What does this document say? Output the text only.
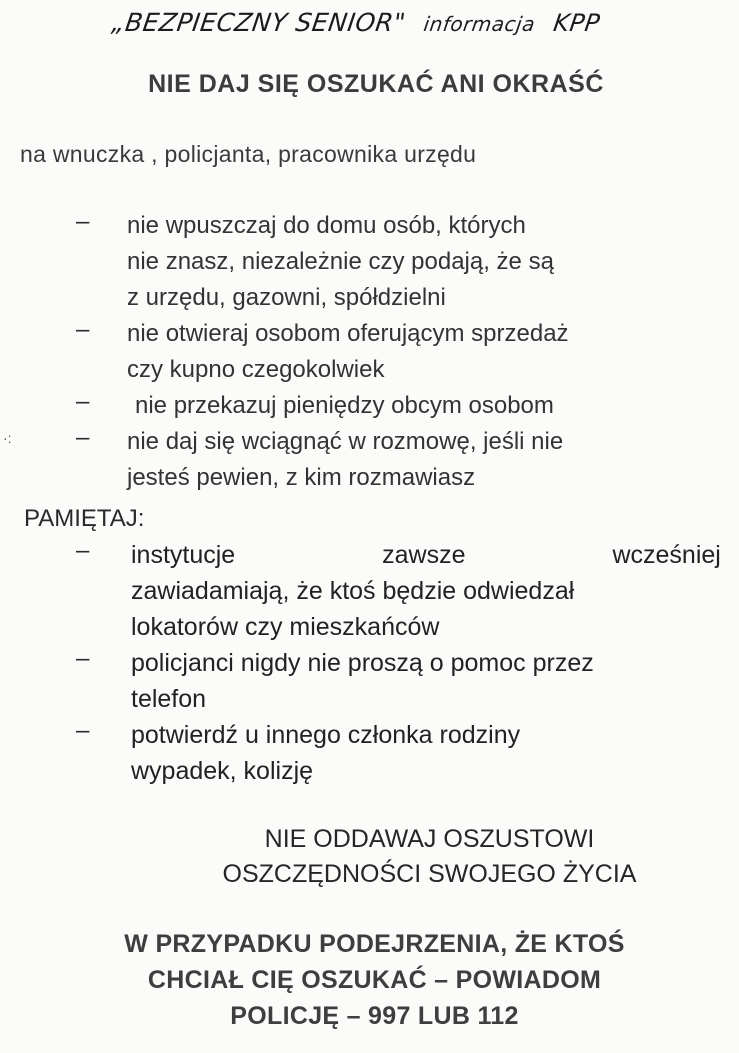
„BEZPIECZNY SENIOR" informacja KPP
NIE DAJ SIĘ OSZUKAĆ ANI OKRAŚĆ
na wnuczka , policjanta, pracownika urzędu
·:
– nie wpuszczaj do domu osób, których
nie znasz, niezależnie czy podają, że są
z urzędu, gazowni, spółdzielni
– nie otwieraj osobom oferującym sprzedaż
czy kupno czegokolwiek
– nie przekazuj pieniędzy obcym osobom
– nie daj się wciągnąć w rozmowę, jeśli nie
jesteś pewien, z kim rozmawiasz
PAMIĘTAJ:
– instytucje zawsze wcześniej
zawiadamiają, że ktoś będzie odwiedzał
lokatorów czy mieszkańców
– policjanci nigdy nie proszą o pomoc przez
telefon
– potwierdź u innego członka rodziny
wypadek, kolizję
NIE ODDAWAJ OSZUSTOWI
OSZCZĘDNOŚCI SWOJEGO ŻYCIA
W PRZYPADKU PODEJRZENIA, ŻE KTOŚ
CHCIAŁ CIĘ OSZUKAĆ – POWIADOM
POLICJĘ – 997 LUB 112
